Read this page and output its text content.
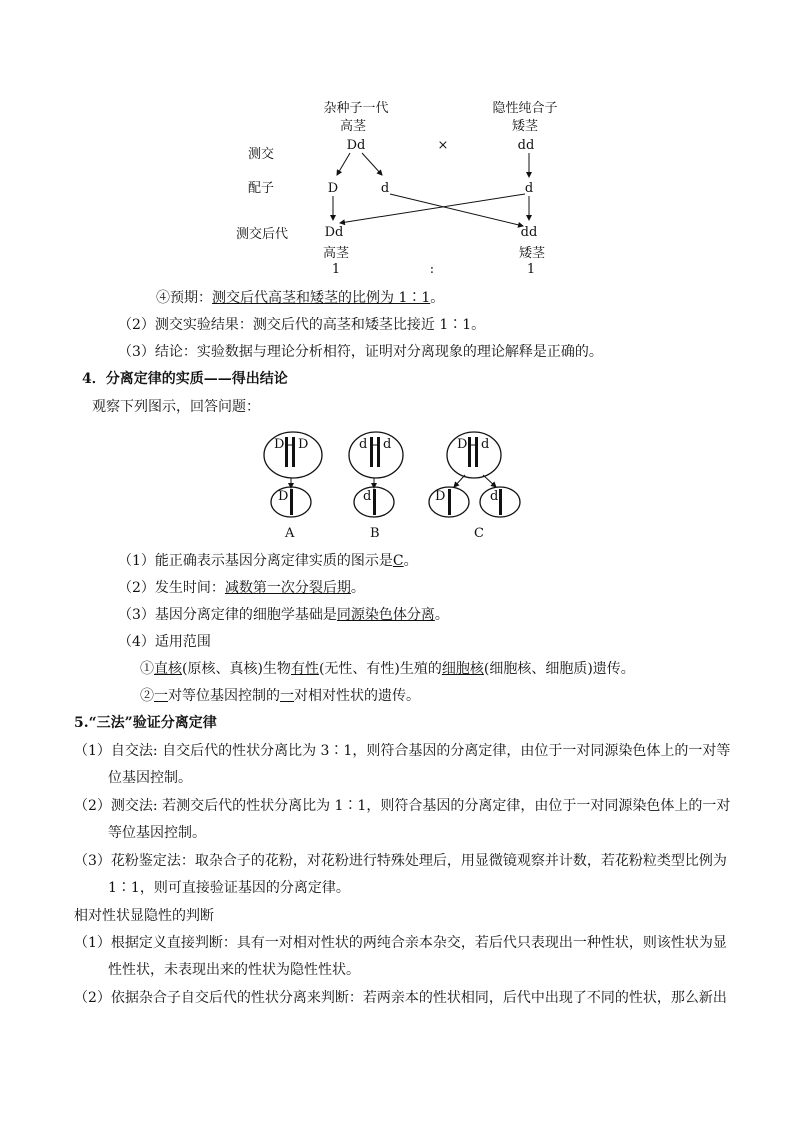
杂种子一代
高茎
隐性纯合子
矮茎
测交
配子
测交后代
Dd	×	dd
D	d	d
Dd	dd
高茎	矮茎
1	:	1
④预期：测交后代高茎和矮茎的比例为 1∶1。
（2）测交实验结果：测交后代的高茎和矮茎比接近 1∶1。
（3）结论：实验数据与理论分析相符，证明对分离现象的理论解释是正确的。
4．分离定律的实质——得出结论
观察下列图示，回答问题：
D D
D
A
d d
d
B
D d
D	d
C
（1）能正确表示基因分离定律实质的图示是C。
（2）发生时间：减数第一次分裂后期。
（3）基因分离定律的细胞学基础是同源染色体分离。
（4）适用范围
①直核(原核、真核)生物有性(无性、有性)生殖的细胞核(细胞核、细胞质)遗传。
②一对等位基因控制的一对相对性状的遗传。
5.“三法”验证分离定律
（1）自交法: 自交后代的性状分离比为 3∶1，则符合基因的分离定律，由位于一对同源染色体上的一对等
位基因控制。
（2）测交法: 若测交后代的性状分离比为 1∶1，则符合基因的分离定律，由位于一对同源染色体上的一对
等位基因控制。
（3）花粉鉴定法：取杂合子的花粉，对花粉进行特殊处理后，用显微镜观察并计数，若花粉粒类型比例为
1∶1，则可直接验证基因的分离定律。
相对性状显隐性的判断
（1）根据定义直接判断：具有一对相对性状的两纯合亲本杂交，若后代只表现出一种性状，则该性状为显
性性状，未表现出来的性状为隐性性状。
（2）依据杂合子自交后代的性状分离来判断：若两亲本的性状相同，后代中出现了不同的性状，那么新出
